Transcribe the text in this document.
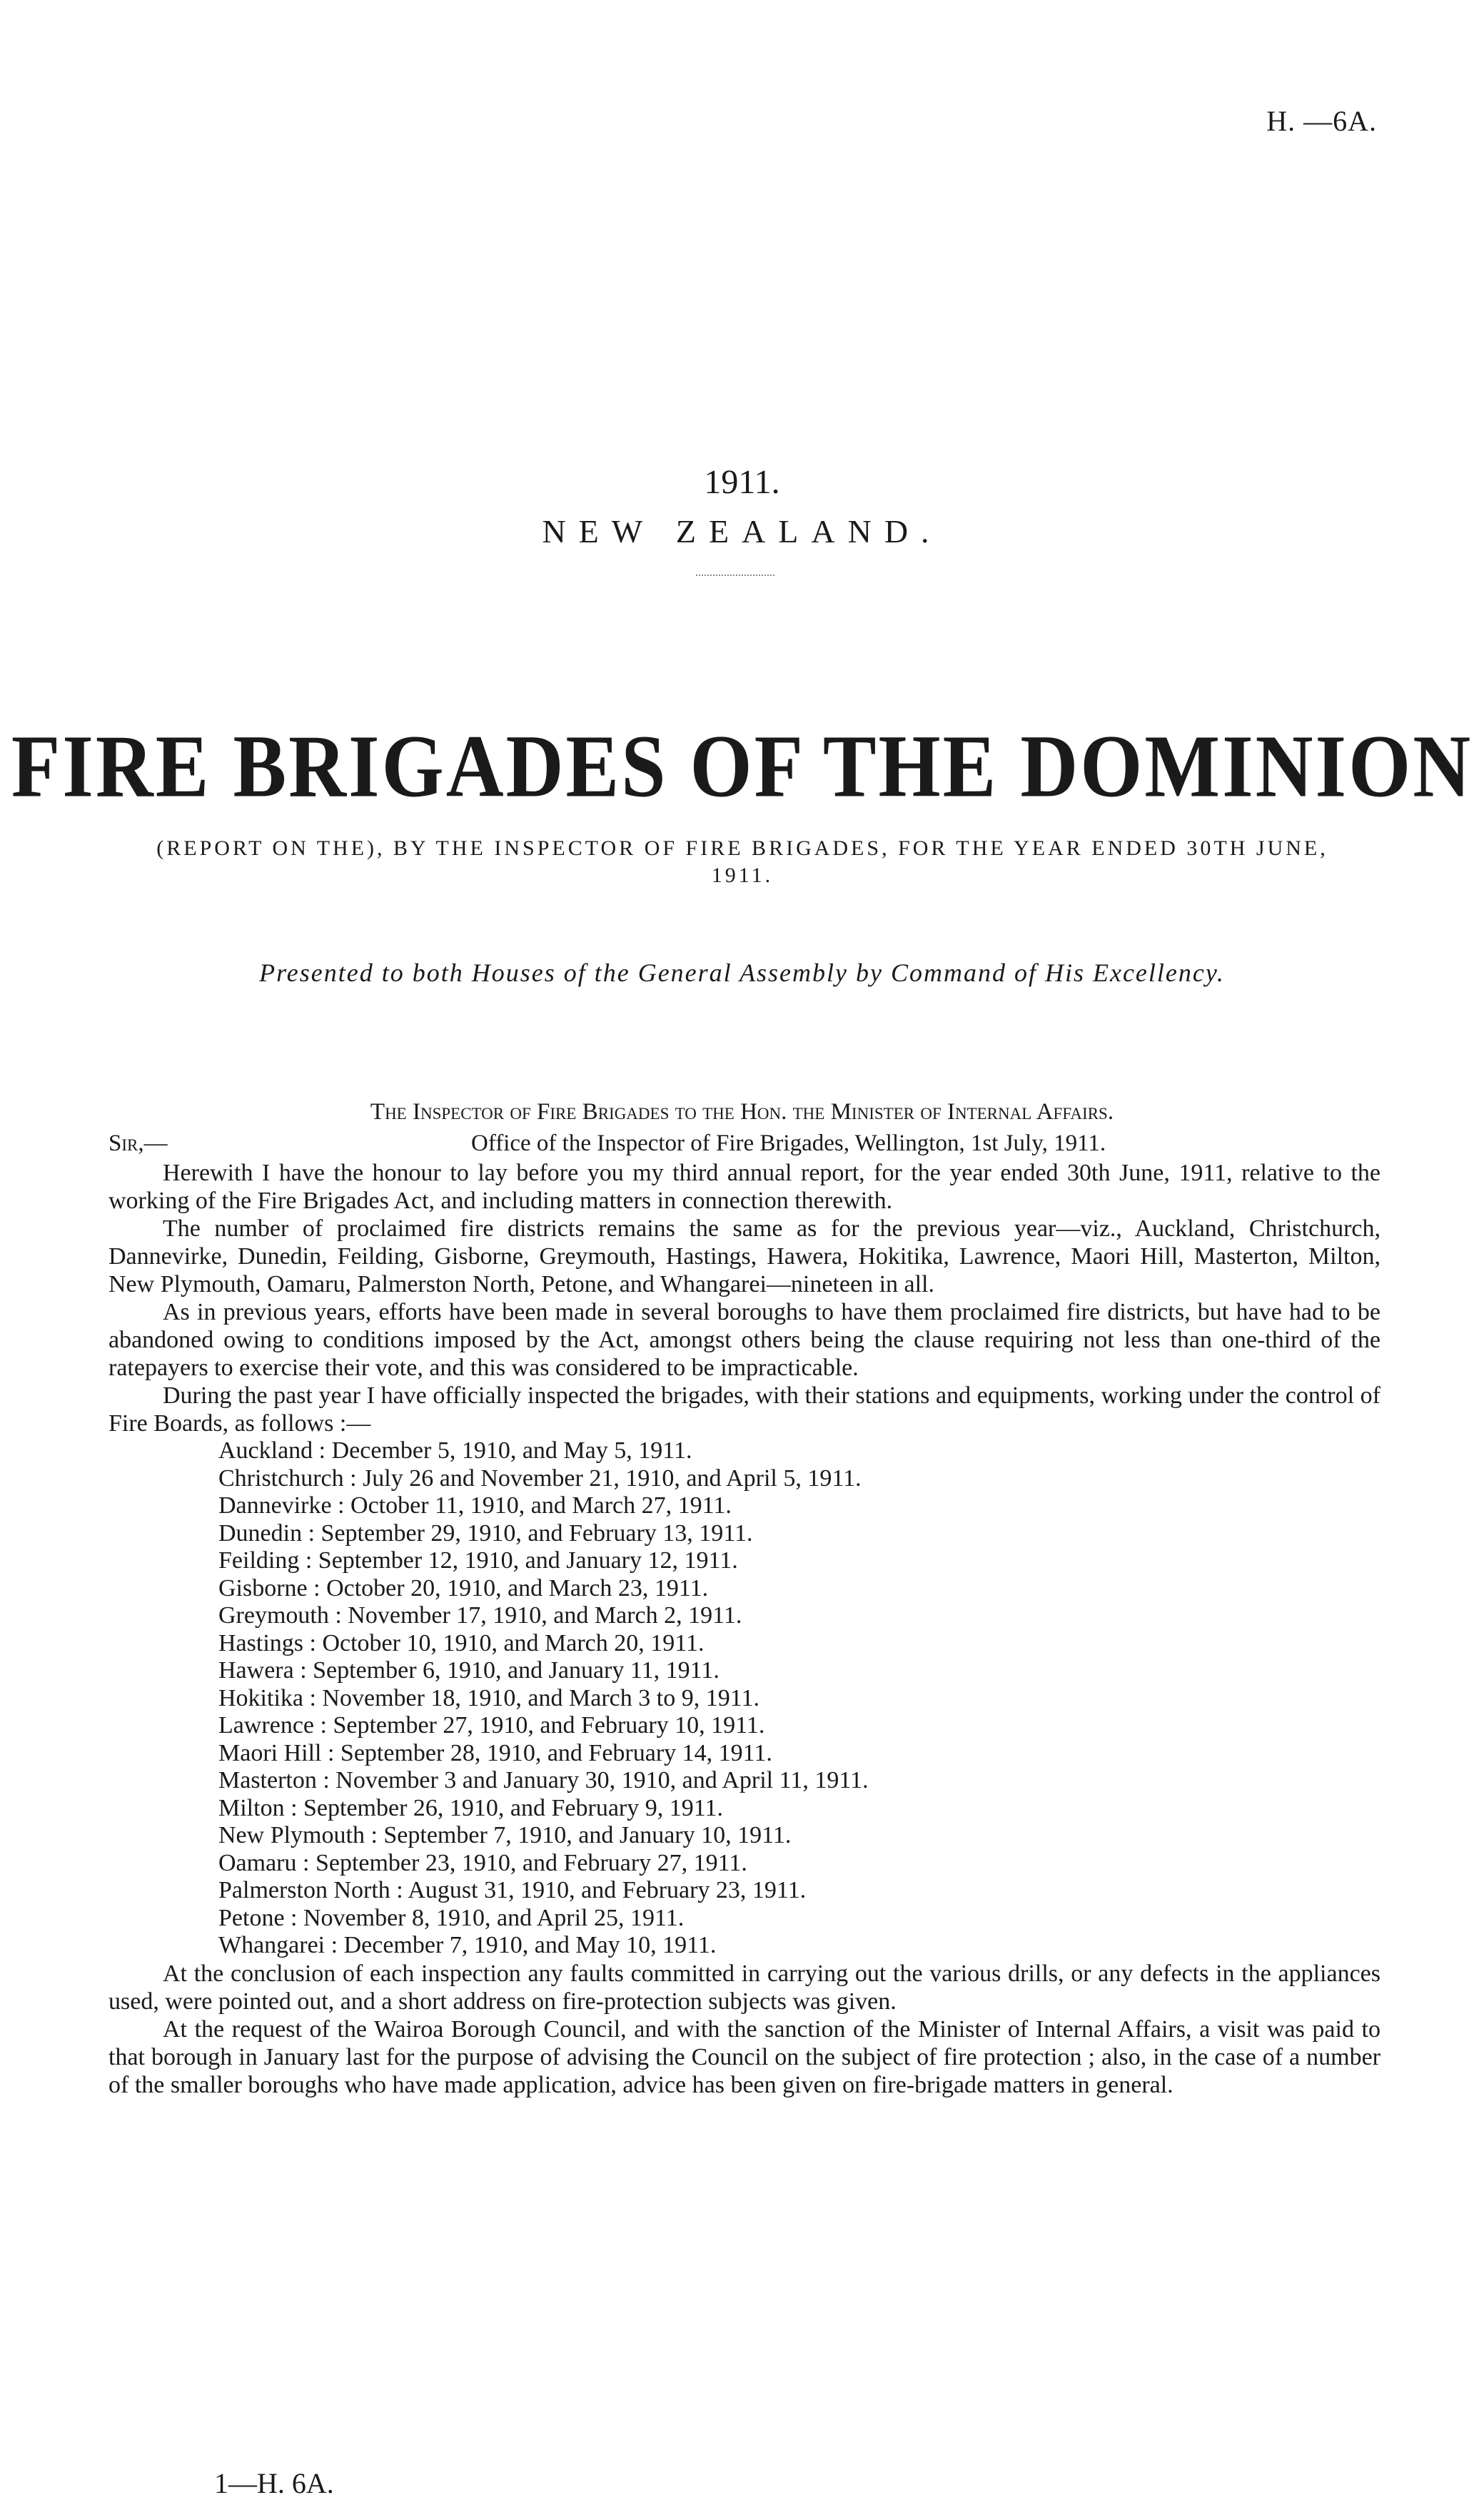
H. —6A.
1911.
NEW ZEALAND.
FIRE BRIGADES OF THE DOMINION
(REPORT ON THE), BY THE INSPECTOR OF FIRE BRIGADES, FOR THE YEAR ENDED 30TH JUNE, 1911.
Presented to both Houses of the General Assembly by Command of His Excellency.
The Inspector of Fire Brigades to the Hon. the Minister of Internal Affairs.
Sir,—	Office of the Inspector of Fire Brigades, Wellington, 1st July, 1911.

Herewith I have the honour to lay before you my third annual report, for the year ended 30th June, 1911, relative to the working of the Fire Brigades Act, and including matters in connection therewith.

The number of proclaimed fire districts remains the same as for the previous year—viz., Auckland, Christchurch, Dannevirke, Dunedin, Feilding, Gisborne, Greymouth, Hastings, Hawera, Hokitika, Lawrence, Maori Hill, Masterton, Milton, New Plymouth, Oamaru, Palmerston North, Petone, and Whangarei—nineteen in all.

As in previous years, efforts have been made in several boroughs to have them proclaimed fire districts, but have had to be abandoned owing to conditions imposed by the Act, amongst others being the clause requiring not less than one-third of the ratepayers to exercise their vote, and this was considered to be impracticable.

During the past year I have officially inspected the brigades, with their stations and equipments, working under the control of Fire Boards, as follows :—

Auckland : December 5, 1910, and May 5, 1911.
Christchurch : July 26 and November 21, 1910, and April 5, 1911.
Dannevirke : October 11, 1910, and March 27, 1911.
Dunedin : September 29, 1910, and February 13, 1911.
Feilding : September 12, 1910, and January 12, 1911.
Gisborne : October 20, 1910, and March 23, 1911.
Greymouth : November 17, 1910, and March 2, 1911.
Hastings : October 10, 1910, and March 20, 1911.
Hawera : September 6, 1910, and January 11, 1911.
Hokitika : November 18, 1910, and March 3 to 9, 1911.
Lawrence : September 27, 1910, and February 10, 1911.
Maori Hill : September 28, 1910, and February 14, 1911.
Masterton : November 3 and January 30, 1910, and April 11, 1911.
Milton : September 26, 1910, and February 9, 1911.
New Plymouth : September 7, 1910, and January 10, 1911.
Oamaru : September 23, 1910, and February 27, 1911.
Palmerston North : August 31, 1910, and February 23, 1911.
Petone : November 8, 1910, and April 25, 1911.
Whangarei : December 7, 1910, and May 10, 1911.

At the conclusion of each inspection any faults committed in carrying out the various drills, or any defects in the appliances used, were pointed out, and a short address on fire-protection subjects was given.

At the request of the Wairoa Borough Council, and with the sanction of the Minister of Internal Affairs, a visit was paid to that borough in January last for the purpose of advising the Council on the subject of fire protection ; also, in the case of a number of the smaller boroughs who have made application, advice has been given on fire-brigade matters in general.

1—H. 6A.
